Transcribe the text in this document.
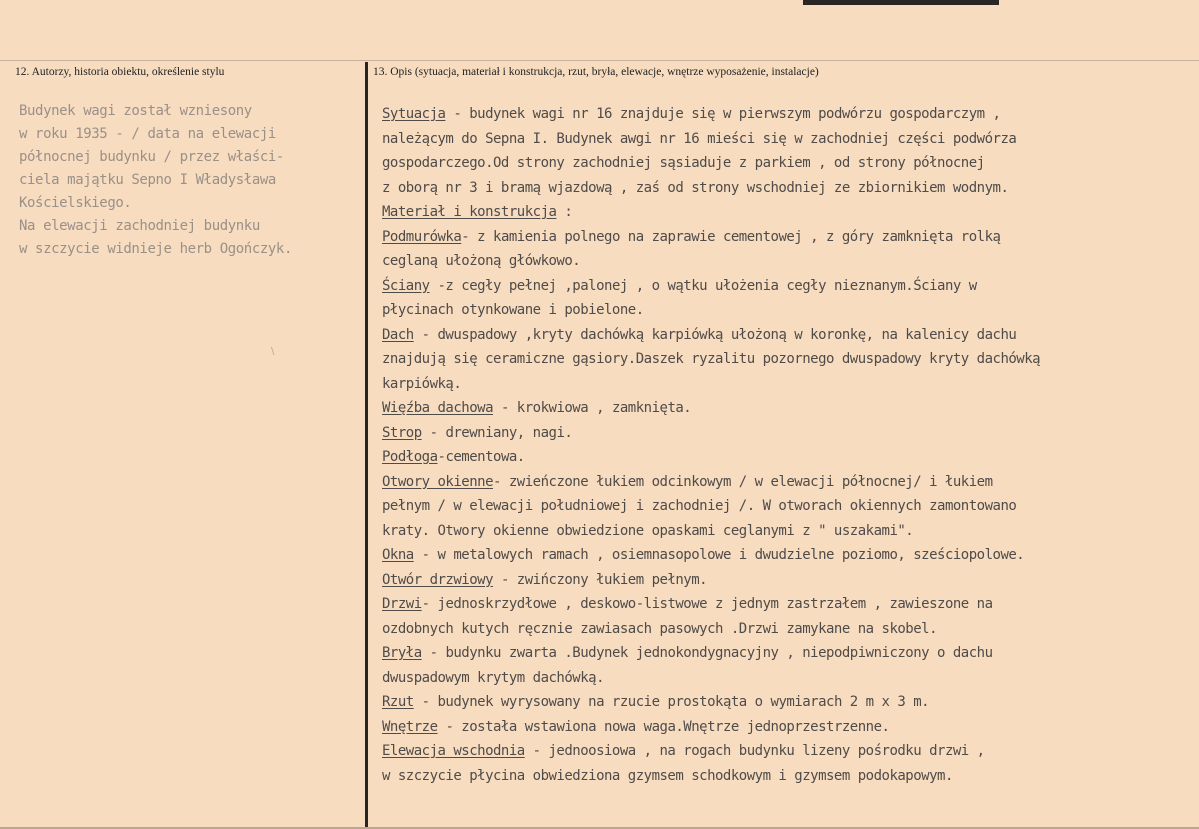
12. Autorzy, historia obiektu, określenie stylu	13. Opis (sytuacja, materiał i konstrukcja, rzut, bryła, elewacje, wnętrze wyposażenie, instalacje)
Budynek wagi został wzniesony
w roku 1935 - / data na elewacji
północnej budynku / przez właści-
ciela majątku Sepno I Władysława
Kościelskiego.
Na elewacji zachodniej budynku
w szczycie widnieje herb Ogończyk.
\
Sytuacja - budynek wagi nr 16 znajduje się w pierwszym podwórzu gospodarczym ,
należącym do Sepna I. Budynek awgi nr 16 mieści się w zachodniej części podwórza
gospodarczego.Od strony zachodniej sąsiaduje z parkiem , od strony północnej
z oborą nr 3 i bramą wjazdową , zaś od strony wschodniej ze zbiornikiem wodnym.
Materiał i konstrukcja :
Podmurówka- z kamienia polnego na zaprawie cementowej , z góry zamknięta rolką
ceglaną ułożoną główkowo.
Ściany -z cegły pełnej ,palonej , o wątku ułożenia cegły nieznanym.Ściany w
płycinach otynkowane i pobielone.
Dach - dwuspadowy ,kryty dachówką karpiówką ułożoną w koronkę, na kalenicy dachu
znajdują się ceramiczne gąsiory.Daszek ryzalitu pozornego dwuspadowy kryty dachówką
karpiówką.
Więźba dachowa - krokwiowa , zamknięta.
Strop - drewniany, nagi.
Podłoga-cementowa.
Otwory okienne- zwieńczone łukiem odcinkowym / w elewacji północnej/ i łukiem
pełnym / w elewacji południowej i zachodniej /. W otworach okiennych zamontowano
kraty. Otwory okienne obwiedzione opaskami ceglanymi z " uszakami".
Okna - w metalowych ramach , osiemnasopolowe i dwudzielne poziomo, sześciopolowe.
Otwór drzwiowy - zwińczony łukiem pełnym.
Drzwi- jednoskrzydłowe , deskowo-listwowe z jednym zastrzałem , zawieszone na
ozdobnych kutych ręcznie zawiasach pasowych .Drzwi zamykane na skobel.
Bryła - budynku zwarta .Budynek jednokondygnacyjny , niepodpiwniczony o dachu
dwuspadowym krytym dachówką.
Rzut - budynek wyrysowany na rzucie prostokąta o wymiarach 2 m x 3 m.
Wnętrze - została wstawiona nowa waga.Wnętrze jednoprzestrzenne.
Elewacja wschodnia - jednoosiowa , na rogach budynku lizeny pośrodku drzwi ,
w szczycie płycina obwiedziona gzymsem schodkowym i gzymsem podokapowym.
